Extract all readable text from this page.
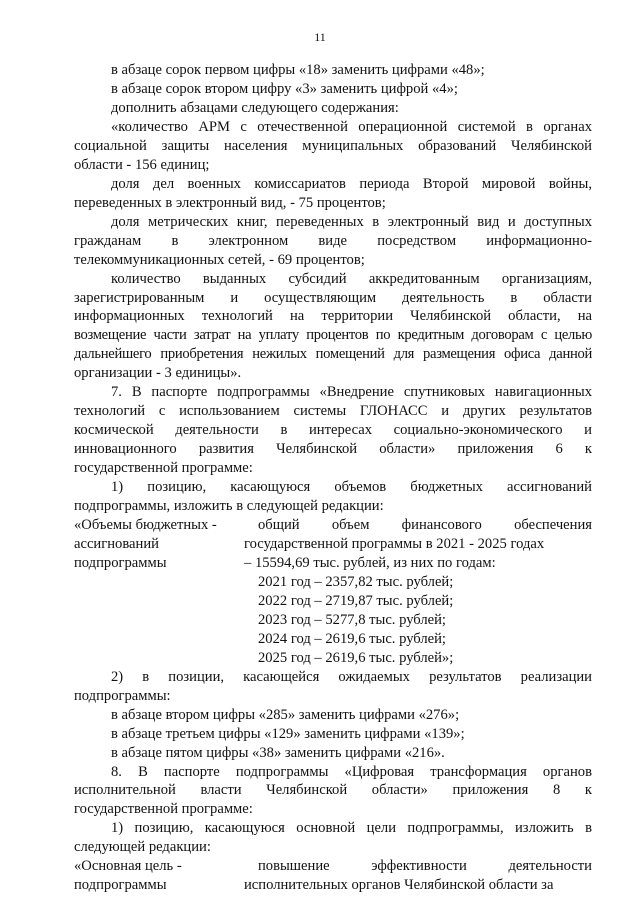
11
в абзаце сорок первом цифры «18» заменить цифрами «48»;
в абзаце сорок втором цифру «3» заменить цифрой «4»;
дополнить абзацами следующего содержания:
«количество АРМ с отечественной операционной системой в органах
социальной защиты населения муниципальных образований Челябинской
области - 156 единиц;
доля дел военных комиссариатов периода Второй мировой войны,
переведенных в электронный вид, - 75 процентов;
доля метрических книг, переведенных в электронный вид и доступных
гражданам в электронном виде посредством информационно-
телекоммуникационных сетей, - 69 процентов;
количество выданных субсидий аккредитованным организациям,
зарегистрированным и осуществляющим деятельность в области
информационных технологий на территории Челябинской области, на
возмещение части затрат на уплату процентов по кредитным договорам с целью
дальнейшего приобретения нежилых помещений для размещения офиса данной
организации - 3 единицы».
7. В паспорте подпрограммы «Внедрение спутниковых навигационных
технологий с использованием системы ГЛОНАСС и других результатов
космической деятельности в интересах социально-экономического и
инновационного развития Челябинской области» приложения 6 к
государственной программе:
1) позицию, касающуюся объемов бюджетных ассигнований
подпрограммы, изложить в следующей редакции:
«Объемы бюджетных -	общий объем финансового обеспечения
ассигнований	государственной программы в 2021 - 2025 годах
подпрограммы	– 15594,69 тыс. рублей, из них по годам:
2021 год – 2357,82 тыс. рублей;
2022 год – 2719,87 тыс. рублей;
2023 год – 5277,8 тыс. рублей;
2024 год – 2619,6 тыс. рублей;
2025 год – 2619,6 тыс. рублей»;
2) в позиции, касающейся ожидаемых результатов реализации
подпрограммы:
в абзаце втором цифры «285» заменить цифрами «276»;
в абзаце третьем цифры «129» заменить цифрами «139»;
в абзаце пятом цифры «38» заменить цифрами «216».
8. В паспорте подпрограммы «Цифровая трансформация органов
исполнительной власти Челябинской области» приложения 8 к
государственной программе:
1) позицию, касающуюся основной цели подпрограммы, изложить в
следующей редакции:
«Основная цель -	повышение эффективности деятельности
подпрограммы	исполнительных органов Челябинской области за
